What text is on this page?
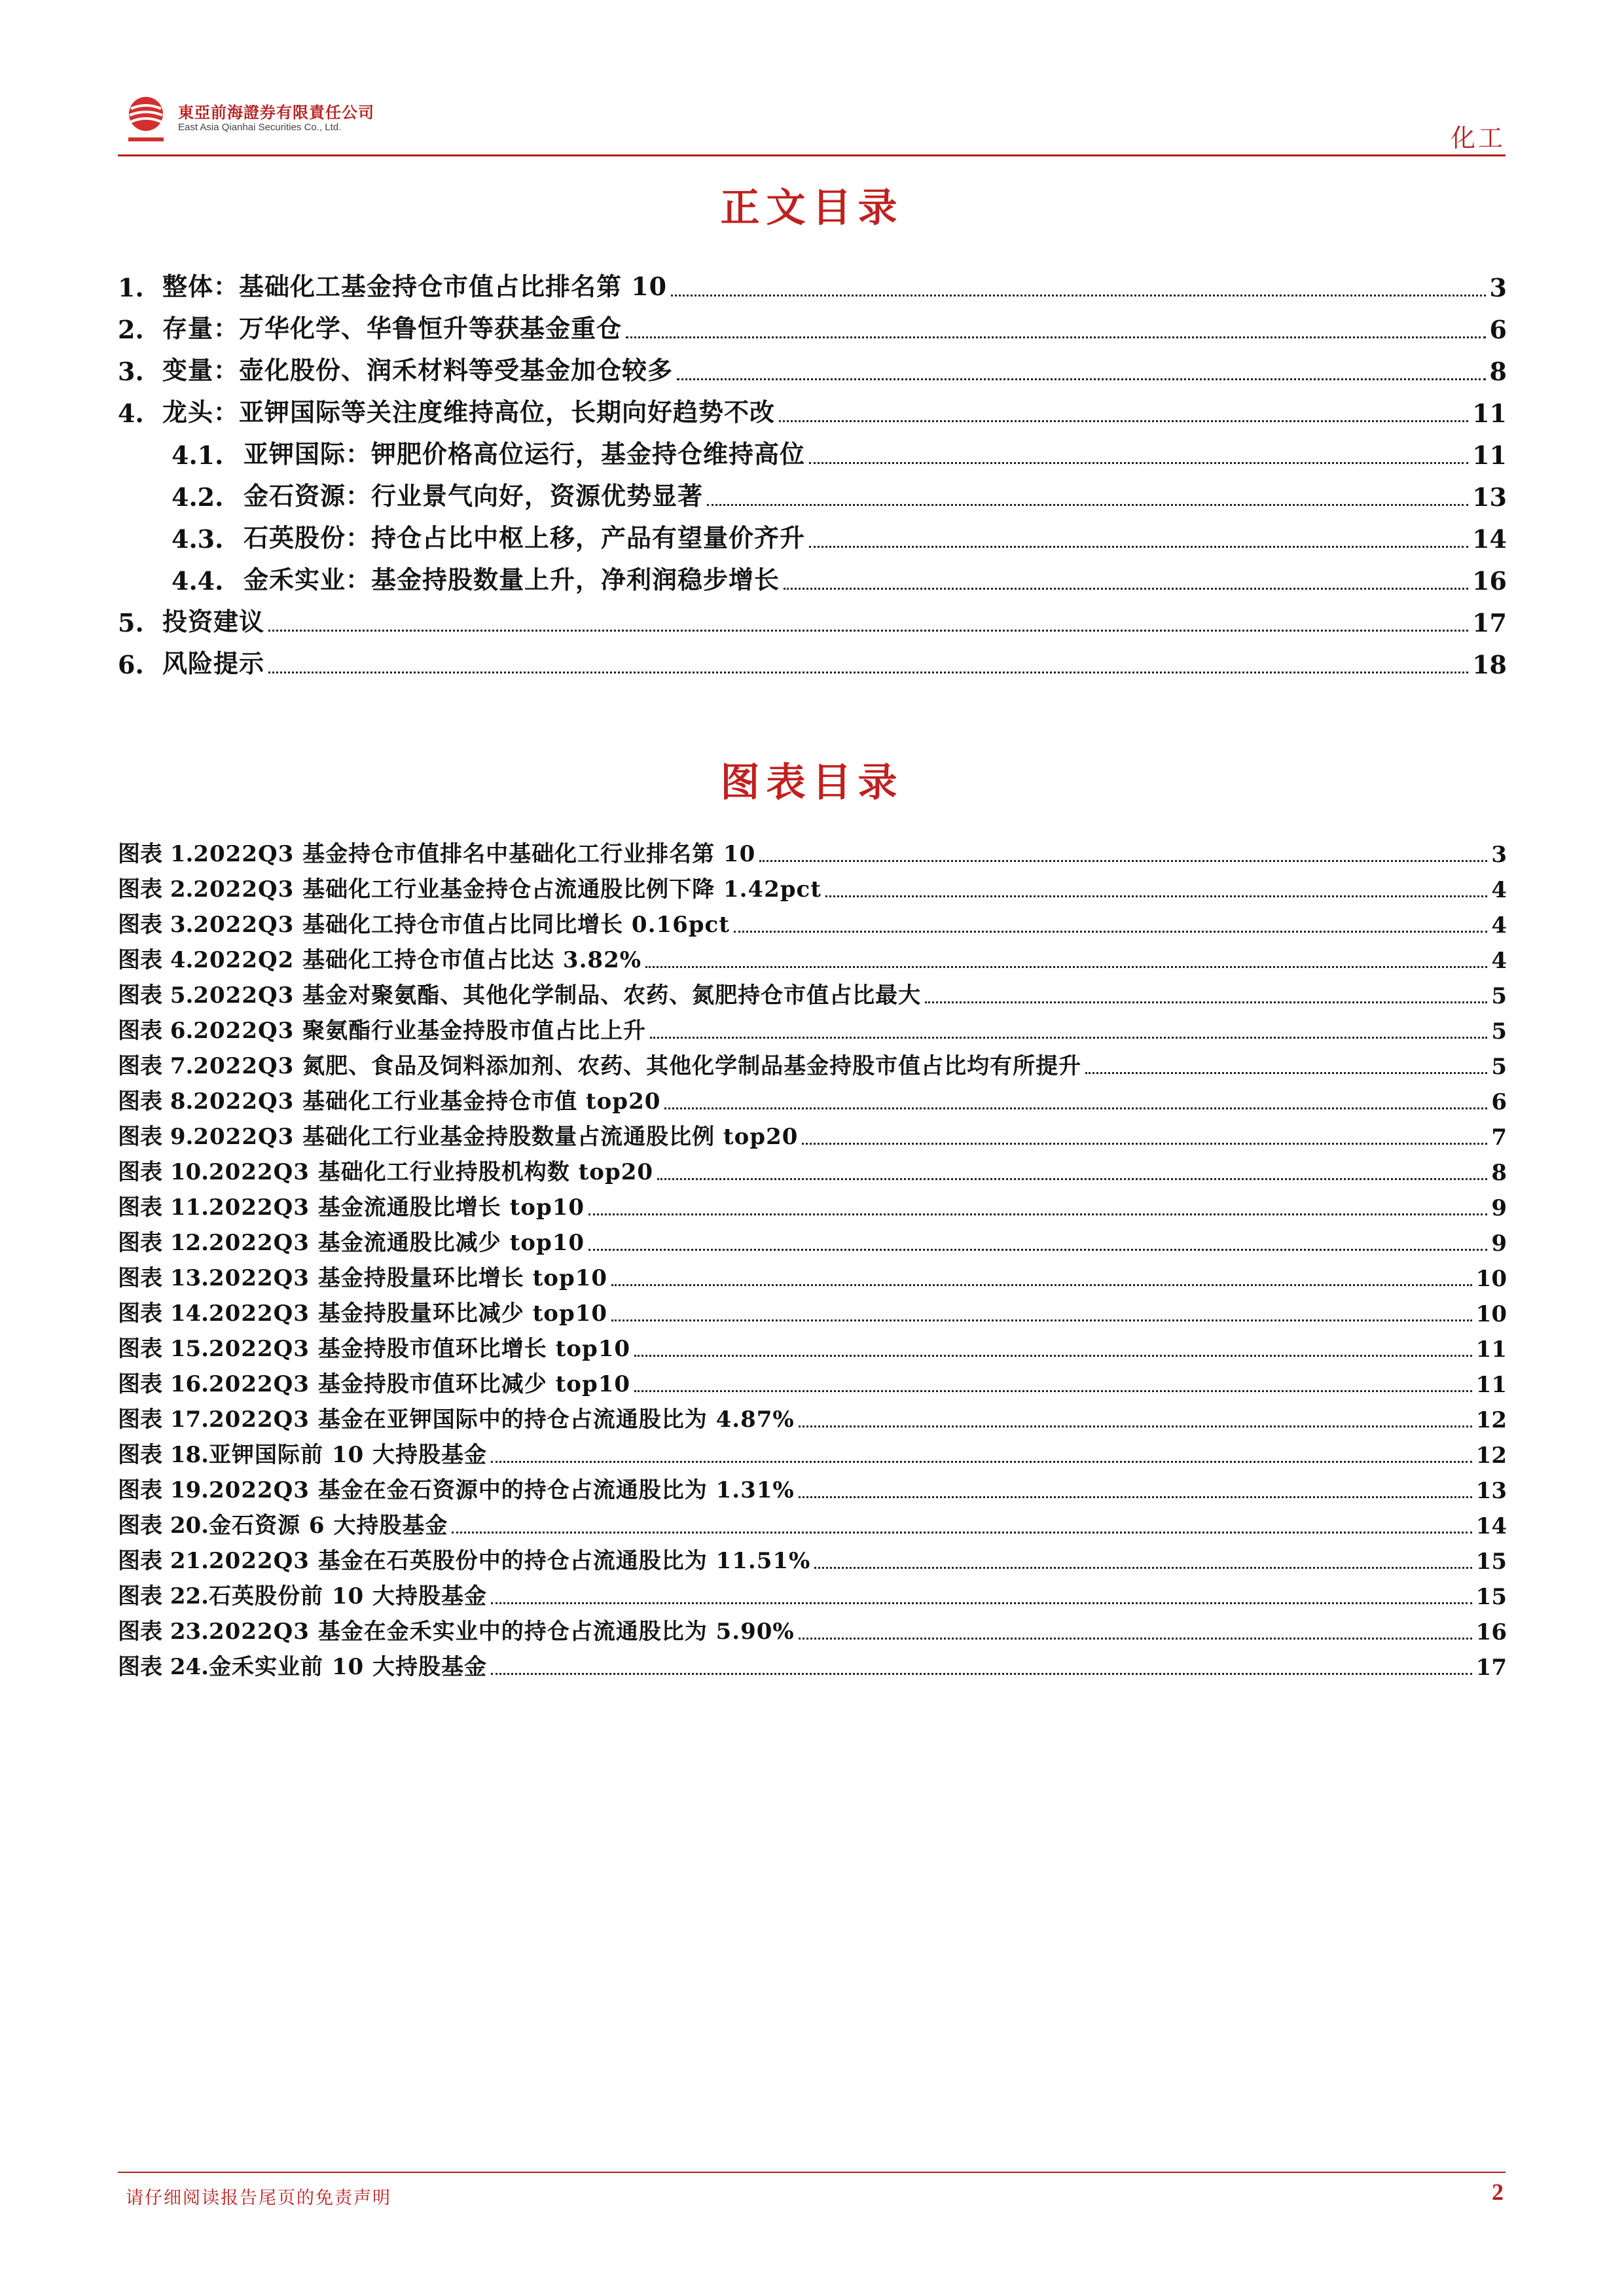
東亞前海證券有限責任公司
East Asia Qianhai Securities Co., Ltd.	化工
正文目录
1. 整体：基础化工基金持仓市值占比排名第 10	3
2. 存量：万华化学、华鲁恒升等获基金重仓	6
3. 变量：壶化股份、润禾材料等受基金加仓较多	8
4. 龙头：亚钾国际等关注度维持高位，长期向好趋势不改	11
4.1. 亚钾国际：钾肥价格高位运行，基金持仓维持高位	11
4.2. 金石资源：行业景气向好，资源优势显著	13
4.3. 石英股份：持仓占比中枢上移，产品有望量价齐升	14
4.4. 金禾实业：基金持股数量上升，净利润稳步增长	16
5. 投资建议	17
6. 风险提示	18
图表目录
图表 1. 2022Q3 基金持仓市值排名中基础化工行业排名第 10	3
图表 2. 2022Q3 基础化工行业基金持仓占流通股比例下降 1.42pct	4
图表 3. 2022Q3 基础化工持仓市值占比同比增长 0.16pct	4
图表 4. 2022Q2 基础化工持仓市值占比达 3.82%	4
图表 5. 2022Q3 基金对聚氨酯、其他化学制品、农药、氮肥持仓市值占比最大	5
图表 6. 2022Q3 聚氨酯行业基金持股市值占比上升	5
图表 7. 2022Q3 氮肥、食品及饲料添加剂、农药、其他化学制品基金持股市值占比均有所提升	5
图表 8. 2022Q3 基础化工行业基金持仓市值 top20	6
图表 9. 2022Q3 基础化工行业基金持股数量占流通股比例 top20	7
图表 10. 2022Q3 基础化工行业持股机构数 top20	8
图表 11. 2022Q3 基金流通股比增长 top10	9
图表 12. 2022Q3 基金流通股比减少 top10	9
图表 13. 2022Q3 基金持股量环比增长 top10	10
图表 14. 2022Q3 基金持股量环比减少 top10	10
图表 15. 2022Q3 基金持股市值环比增长 top10	11
图表 16. 2022Q3 基金持股市值环比减少 top10	11
图表 17. 2022Q3 基金在亚钾国际中的持仓占流通股比为 4.87%	12
图表 18. 亚钾国际前 10 大持股基金	12
图表 19. 2022Q3 基金在金石资源中的持仓占流通股比为 1.31%	13
图表 20. 金石资源 6 大持股基金	14
图表 21. 2022Q3 基金在石英股份中的持仓占流通股比为 11.51%	15
图表 22. 石英股份前 10 大持股基金	15
图表 23. 2022Q3 基金在金禾实业中的持仓占流通股比为 5.90%	16
图表 24. 金禾实业前 10 大持股基金	17
请仔细阅读报告尾页的免责声明	2
